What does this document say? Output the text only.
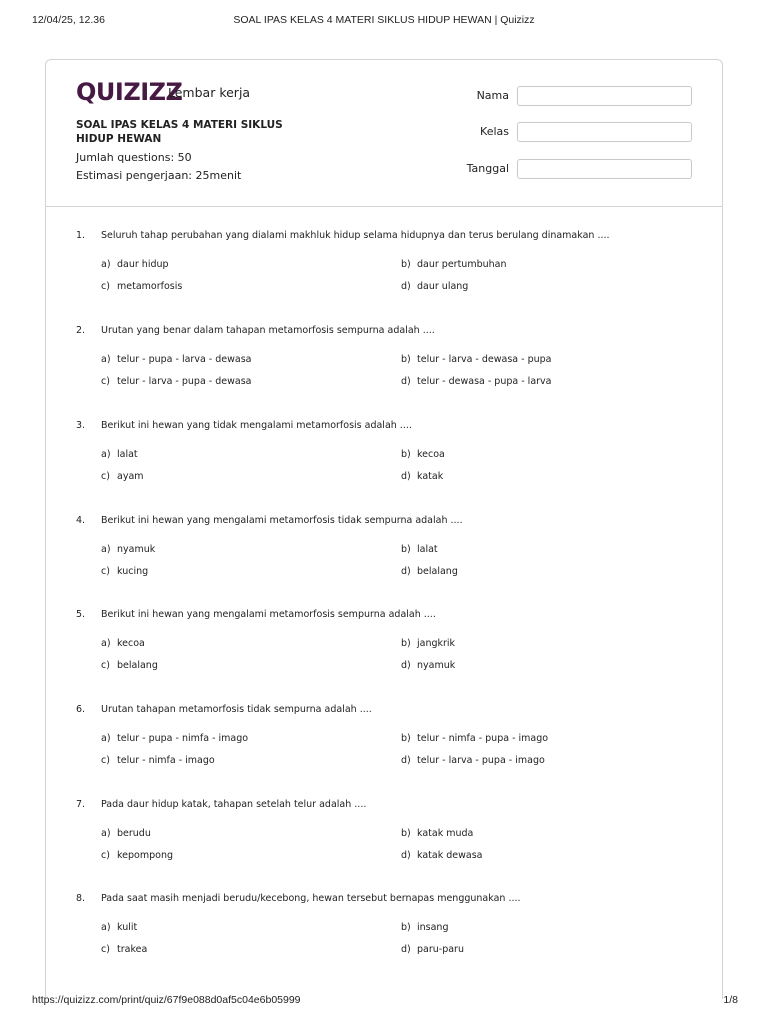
12/04/25, 12.36	SOAL IPAS KELAS 4 MATERI SIKLUS HIDUP HEWAN | Quizizz
QUIZIZZ
Lembar kerja
SOAL IPAS KELAS 4 MATERI SIKLUS HIDUP HEWAN
Jumlah questions: 50
Estimasi pengerjaan: 25menit
Nama
Kelas
Tanggal
1. Seluruh tahap perubahan yang dialami makhluk hidup selama hidupnya dan terus berulang dinamakan ....
a) daur hidup	b) daur pertumbuhan
c) metamorfosis	d) daur ulang
2. Urutan yang benar dalam tahapan metamorfosis sempurna adalah ....
a) telur - pupa - larva - dewasa	b) telur - larva - dewasa - pupa
c) telur - larva - pupa - dewasa	d) telur - dewasa - pupa - larva
3. Berikut ini hewan yang tidak mengalami metamorfosis adalah ....
a) lalat	b) kecoa
c) ayam	d) katak
4. Berikut ini hewan yang mengalami metamorfosis tidak sempurna adalah ....
a) nyamuk	b) lalat
c) kucing	d) belalang
5. Berikut ini hewan yang mengalami metamorfosis sempurna adalah ....
a) kecoa	b) jangkrik
c) belalang	d) nyamuk
6. Urutan tahapan metamorfosis tidak sempurna adalah ....
a) telur - pupa - nimfa - imago	b) telur - nimfa - pupa - imago
c) telur - nimfa - imago	d) telur - larva - pupa - imago
7. Pada daur hidup katak, tahapan setelah telur adalah ....
a) berudu	b) katak muda
c) kepompong	d) katak dewasa
8. Pada saat masih menjadi berudu/kecebong, hewan tersebut bernapas menggunakan ....
a) kulit	b) insang
c) trakea	d) paru-paru
https://quizizz.com/print/quiz/67f9e088d0af5c04e6b05999	1/8
